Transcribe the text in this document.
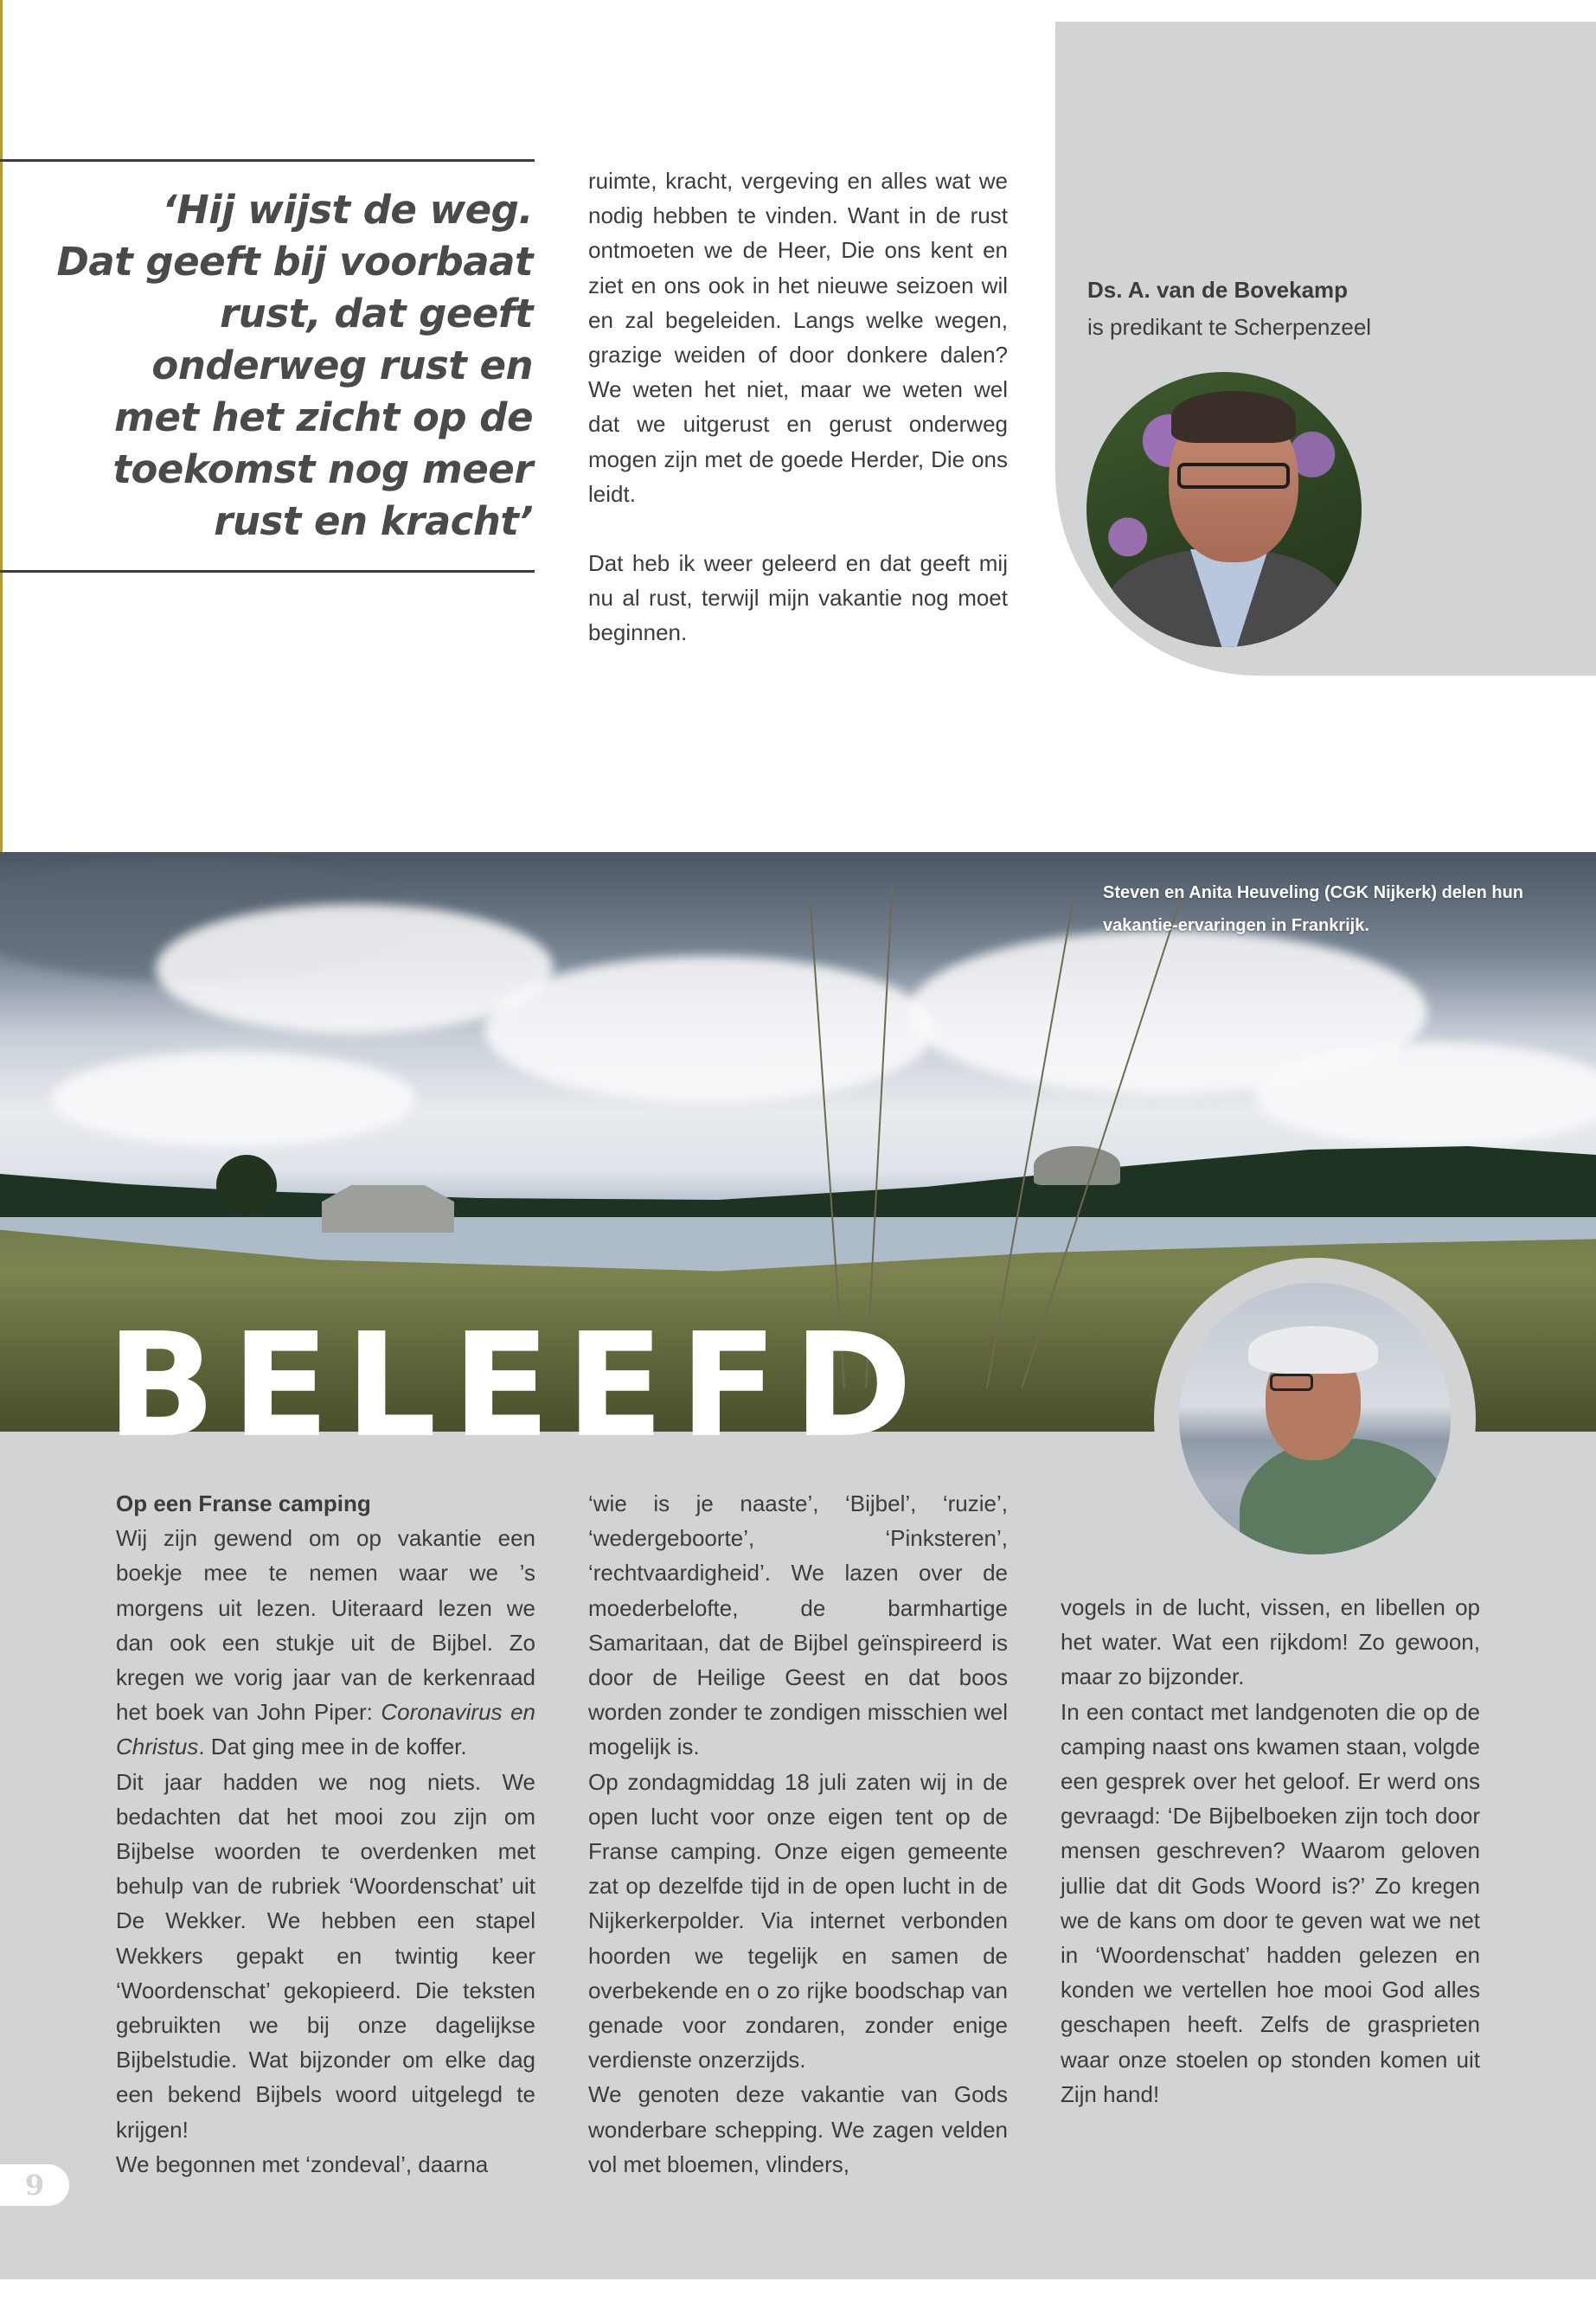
‘Hij wijst de weg.
Dat geeft bij voorbaat
rust, dat geeft
onderweg rust en
met het zicht op de
toekomst nog meer
rust en kracht’

ruimte, kracht, vergeving en alles wat we nodig hebben te vinden. Want in de rust ontmoeten we de Heer, Die ons kent en ziet en ons ook in het nieuwe seizoen wil en zal begeleiden. Langs welke wegen, grazige weiden of door donkere dalen? We weten het niet, maar we weten wel dat we uitgerust en gerust onderweg mogen zijn met de goede Herder, Die ons leidt.

Dat heb ik weer geleerd en dat geeft mij nu al rust, terwijl mijn vakantie nog moet beginnen.

Ds. A. van de Bovekamp
is predikant te Scherpenzeel
Steven en Anita Heuveling (CGK Nijkerk) delen hun
vakantie-ervaringen in Frankrijk.
BELEEFD

Op een Franse camping

Wij zijn gewend om op vakantie een boekje mee te nemen waar we ’s morgens uit lezen. Uiteraard lezen we dan ook een stukje uit de Bijbel. Zo kregen we vorig jaar van de kerkenraad het boek van John Piper: Coronavirus en Christus. Dat ging mee in de koffer.

Dit jaar hadden we nog niets. We bedachten dat het mooi zou zijn om Bijbelse woorden te overdenken met behulp van de rubriek ‘Woordenschat’ uit De Wekker. We hebben een stapel Wekkers gepakt en twintig keer ‘Woordenschat’ gekopieerd. Die teksten gebruikten we bij onze dagelijkse Bijbelstudie. Wat bijzonder om elke dag een bekend Bijbels woord uitgelegd te krijgen!

We begonnen met ‘zondeval’, daarna

‘wie is je naaste’, ‘Bijbel’, ‘ruzie’, ‘wedergeboorte’, ‘Pinksteren’, ‘rechtvaardigheid’. We lazen over de moederbelofte, de barmhartige Samaritaan, dat de Bijbel geïnspireerd is door de Heilige Geest en dat boos worden zonder te zondigen misschien wel mogelijk is.

Op zondagmiddag 18 juli zaten wij in de open lucht voor onze eigen tent op de Franse camping. Onze eigen gemeente zat op dezelfde tijd in de open lucht in de Nijkerkerpolder. Via internet verbonden hoorden we tegelijk en samen de overbekende en o zo rijke boodschap van genade voor zondaren, zonder enige verdienste onzerzijds.

We genoten deze vakantie van Gods wonderbare schepping. We zagen velden vol met bloemen, vlinders,

vogels in de lucht, vissen, en libellen op het water. Wat een rijkdom! Zo gewoon, maar zo bijzonder.

In een contact met landgenoten die op de camping naast ons kwamen staan, volgde een gesprek over het geloof. Er werd ons gevraagd: ‘De Bijbelboeken zijn toch door mensen geschreven? Waarom geloven jullie dat dit Gods Woord is?’ Zo kregen we de kans om door te geven wat we net in ‘Woordenschat’ hadden gelezen en konden we vertellen hoe mooi God alles geschapen heeft. Zelfs de grasprieten waar onze stoelen op stonden komen uit Zijn hand!

9
